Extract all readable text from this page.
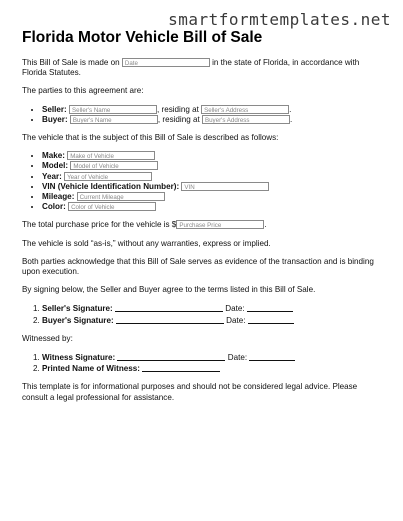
smartformtemplates.net
Florida Motor Vehicle Bill of Sale

This Bill of Sale is made on Date	in the state of Florida, in accordance with Florida Statutes.

The parties to this agreement are:

• Seller: Seller's Name	, residing at Seller's Address	.
• Buyer: Buyer's Name	, residing at Buyer's Address	.

The vehicle that is the subject of this Bill of Sale is described as follows:

• Make: Make of Vehicle
• Model: Model of Vehicle
• Year: Year of Vehicle
• VIN (Vehicle Identification Number): VIN
• Mileage: Current Mileage
• Color: Color of Vehicle

The total purchase price for the vehicle is $ Purchase Price	.

The vehicle is sold “as-is,” without any warranties, express or implied.

Both parties acknowledge that this Bill of Sale serves as evidence of the transaction and is binding upon execution.

By signing below, the Seller and Buyer agree to the terms listed in this Bill of Sale.

1. Seller's Signature:	Date:
2. Buyer's Signature:	Date:

Witnessed by:

1. Witness Signature:	Date:
2. Printed Name of Witness:

This template is for informational purposes and should not be considered legal advice. Please consult a legal professional for assistance.
